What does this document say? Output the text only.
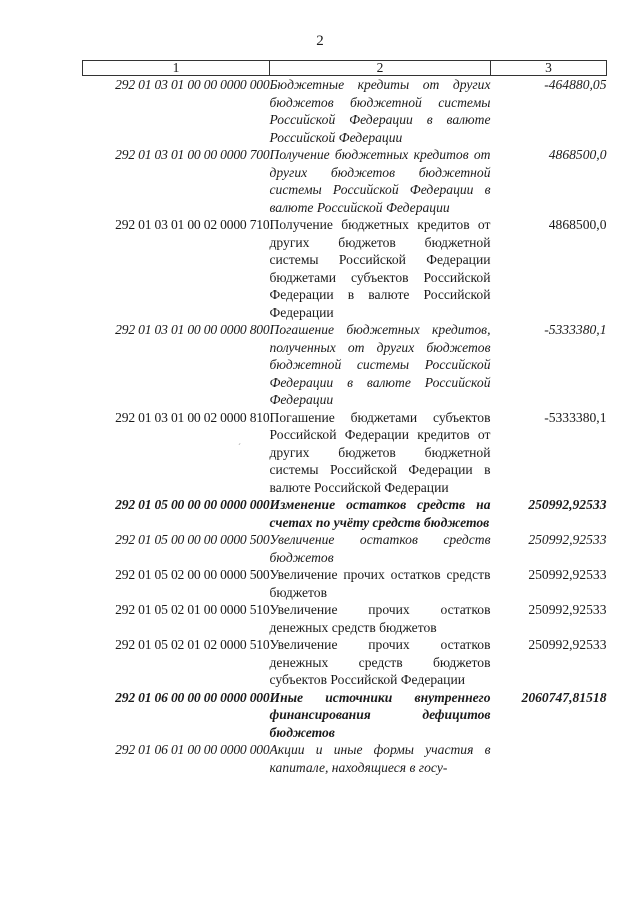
2
1	2	3
292 01 03 01 00 00 0000 000	Бюджетные кредиты от других бюджетов бюджетной системы Российской Федерации в валюте Российской Федерации	-464880,05
292 01 03 01 00 00 0000 700	Получение бюджетных кредитов от других бюджетов бюджетной системы Российской Федерации в валюте Российской Федерации	4868500,0
292 01 03 01 00 02 0000 710	Получение бюджетных кредитов от других бюджетов бюджетной системы Российской Федерации бюджетами субъектов Российской Федерации в валюте Российской Федерации	4868500,0
292 01 03 01 00 00 0000 800	Погашение бюджетных кредитов, полученных от других бюджетов бюджетной системы Российской Федерации в валюте Российской Федерации	-5333380,1
292 01 03 01 00 02 0000 810	Погашение бюджетами субъектов Российской Федерации кредитов от других бюджетов бюджетной системы Российской Федерации в валюте Российской Федерации	-5333380,1
292 01 05 00 00 00 0000 000	Изменение остатков средств на счетах по учёту средств бюджетов	250992,92533
292 01 05 00 00 00 0000 500	Увеличение остатков средств бюджетов	250992,92533
292 01 05 02 00 00 0000 500	Увеличение прочих остатков средств бюджетов	250992,92533
292 01 05 02 01 00 0000 510	Увеличение прочих остатков денежных средств бюджетов	250992,92533
292 01 05 02 01 02 0000 510	Увеличение прочих остатков денежных средств бюджетов субъектов Российской Федерации	250992,92533
292 01 06 00 00 00 0000 000	Иные источники внутреннего финансирования дефицитов бюджетов	2060747,81518
292 01 06 01 00 00 0000 000	Акции и иные формы участия в капитале, находящиеся в госу-	
´
